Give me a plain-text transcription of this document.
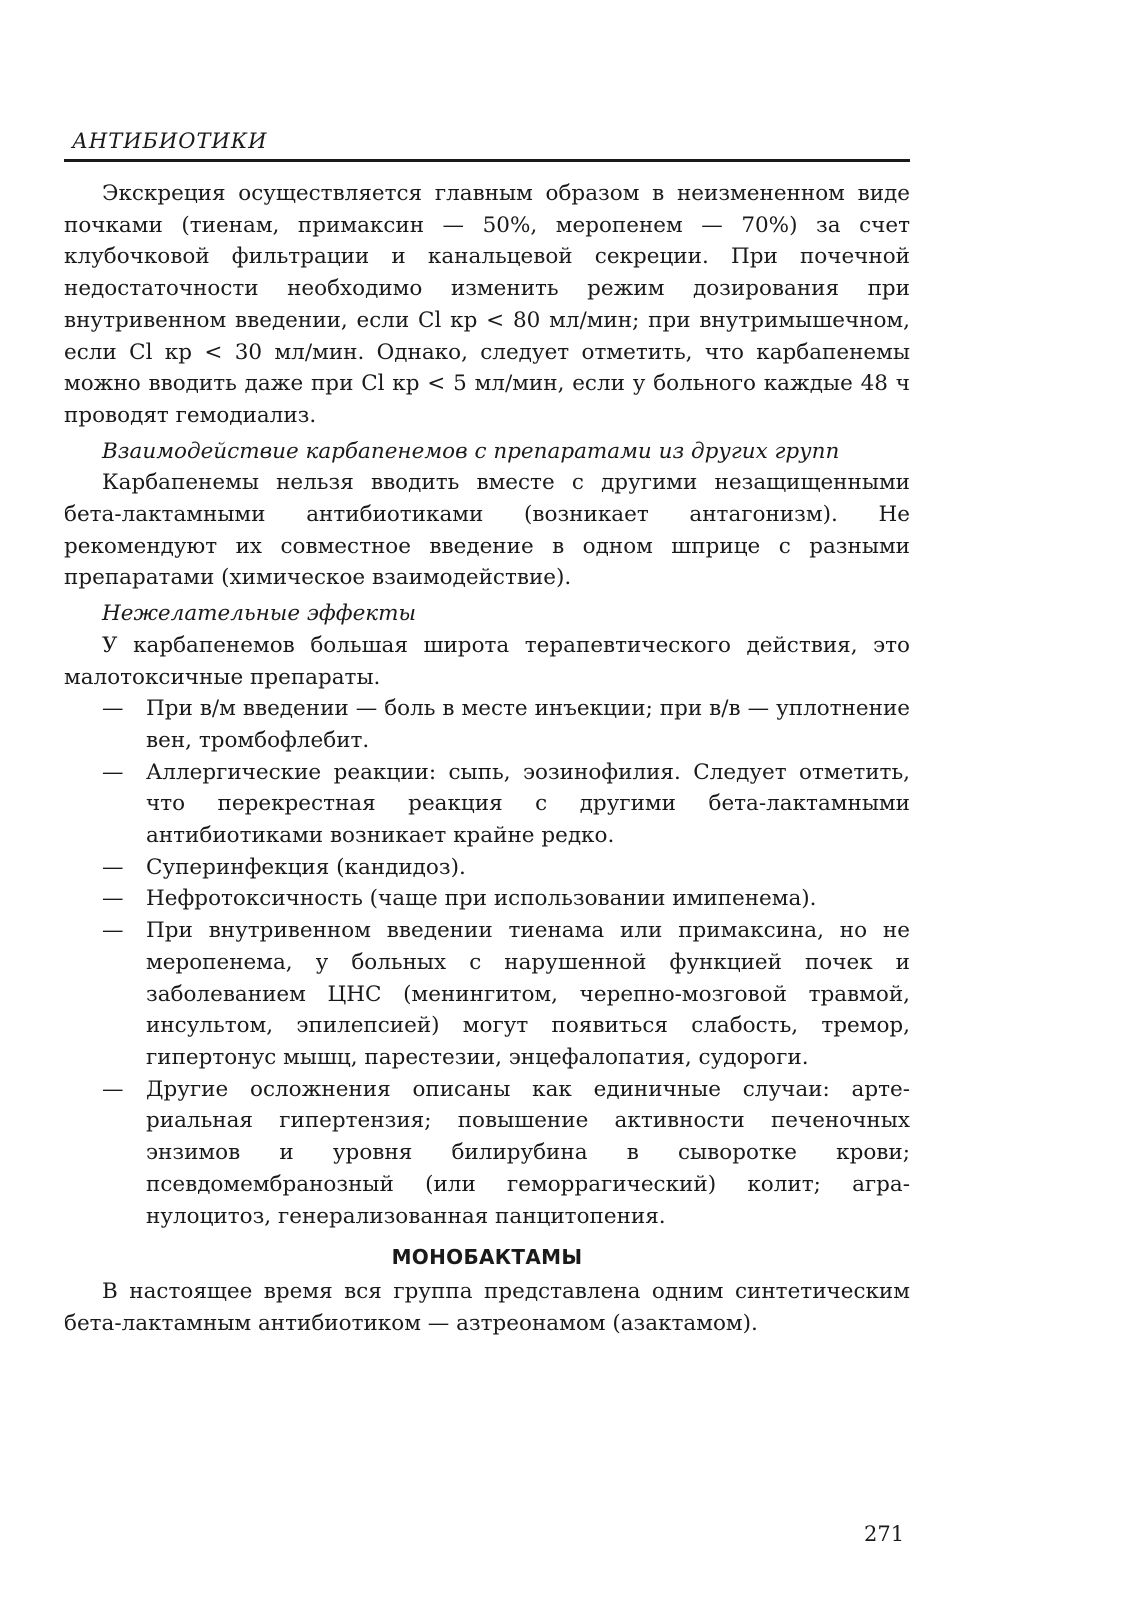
АНТИБИОТИКИ

Экскреция осуществляется главным образом в неизмененном виде почками (тиенам, примаксин — 50%, меропенем — 70%) за счет клубочковой фильтрации и канальцевой секреции. При почечной недостаточности необходимо изменить режим дозирования при внутривенном введении, если Cl кр < 80 мл/мин; при внутримышечном, если Cl кр < 30 мл/мин. Однако, следует отметить, что карбапенемы можно вводить даже при Cl кр < 5 мл/мин, если у больного каждые 48 ч проводят гемодиализ.

Взаимодействие карбапенемов с препаратами из других групп

Карбапенемы нельзя вводить вместе с другими незащищенными бета-лактамными антибиотиками (возникает антагонизм). Не рекомендуют их совместное введение в одном шприце с разными препаратами (химическое взаимодействие).

Нежелательные эффекты

У карбапенемов большая широта терапевтического действия, это малотоксичные препараты.

— При в/м введении — боль в месте инъекции; при в/в — уплотнение вен, тромбофлебит.
— Аллергические реакции: сыпь, эозинофилия. Следует отметить, что перекрестная реакция с другими бета-лактамными антибиотиками возникает крайне редко.
— Суперинфекция (кандидоз).
— Нефротоксичность (чаще при использовании имипенема).
— При внутривенном введении тиенама или примаксина, но не меропенема, у больных с нарушенной функцией почек и заболеванием ЦНС (менингитом, черепно-мозговой травмой, инсультом, эпилепсией) могут появиться слабость, тремор, гипертонус мышц, парестезии, энцефалопатия, судороги.
— Другие осложнения описаны как единичные случаи: артериальная гипертензия; повышение активности печеночных энзимов и уровня билирубина в сыворотке крови; псевдомембранозный (или геморрагический) колит; агранулоцитоз, генерализованная панцитопения.
МОНОБАКТАМЫ

В настоящее время вся группа представлена одним синтетическим бета-лактамным антибиотиком — азтреонамом (азактамом).

271
